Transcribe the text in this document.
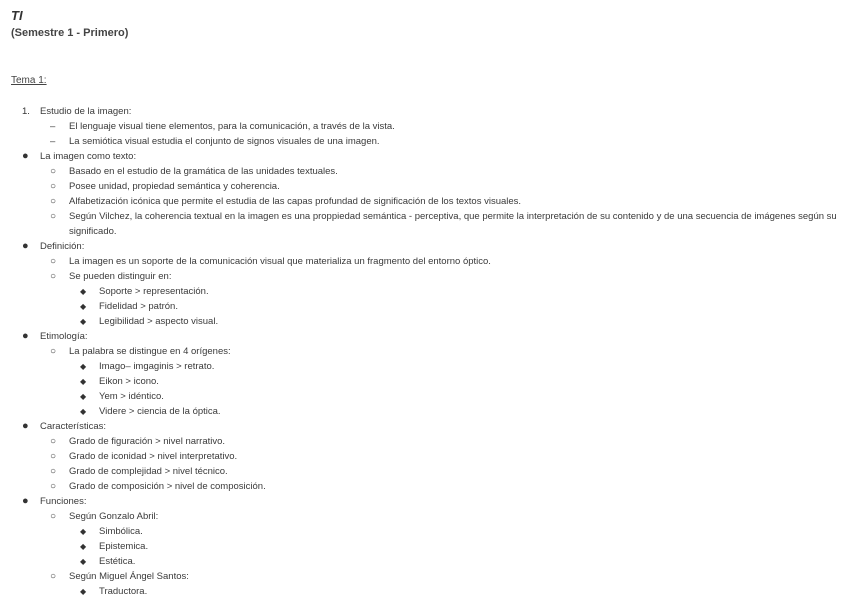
TI
(Semestre 1 - Primero)
Tema 1:
1. Estudio de la imagen:
– El lenguaje visual tiene elementos, para la comunicación, a través de la vista.
– La semiótica visual estudia el conjunto de signos visuales de una imagen.
● La imagen como texto:
○ Basado en el estudio de la gramática de las unidades textuales.
○ Posee unidad, propiedad semántica y coherencia.
○ Alfabetización icónica que permite el estudia de las capas profundad de significación de los textos visuales.
○ Según Vilchez, la coherencia textual en la imagen es una proppiedad semántica - perceptiva, que permite la interpretación de su contenido y de una secuencia de imágenes según su significado.
● Definición:
○ La imagen es un soporte de la comunicación visual que materializa un fragmento del entorno óptico.
○ Se pueden distinguir en:
◆ Soporte > representación.
◆ Fidelidad > patrón.
◆ Legibilidad > aspecto visual.
● Etimología:
○ La palabra se distingue en 4 orígenes:
◆ Imago– imgaginis > retrato.
◆ Eikon > icono.
◆ Yem > idéntico.
◆ Videre > ciencia de la óptica.
● Características:
○ Grado de figuración > nivel narrativo.
○ Grado de iconidad > nivel interpretativo.
○ Grado de complejidad > nivel técnico.
○ Grado de composición > nivel de composición.
● Funciones:
○ Según Gonzalo Abril:
◆ Simbólica.
◆ Epistemica.
◆ Estética.
○ Según Miguel Ángel Santos:
◆ Traductora.
